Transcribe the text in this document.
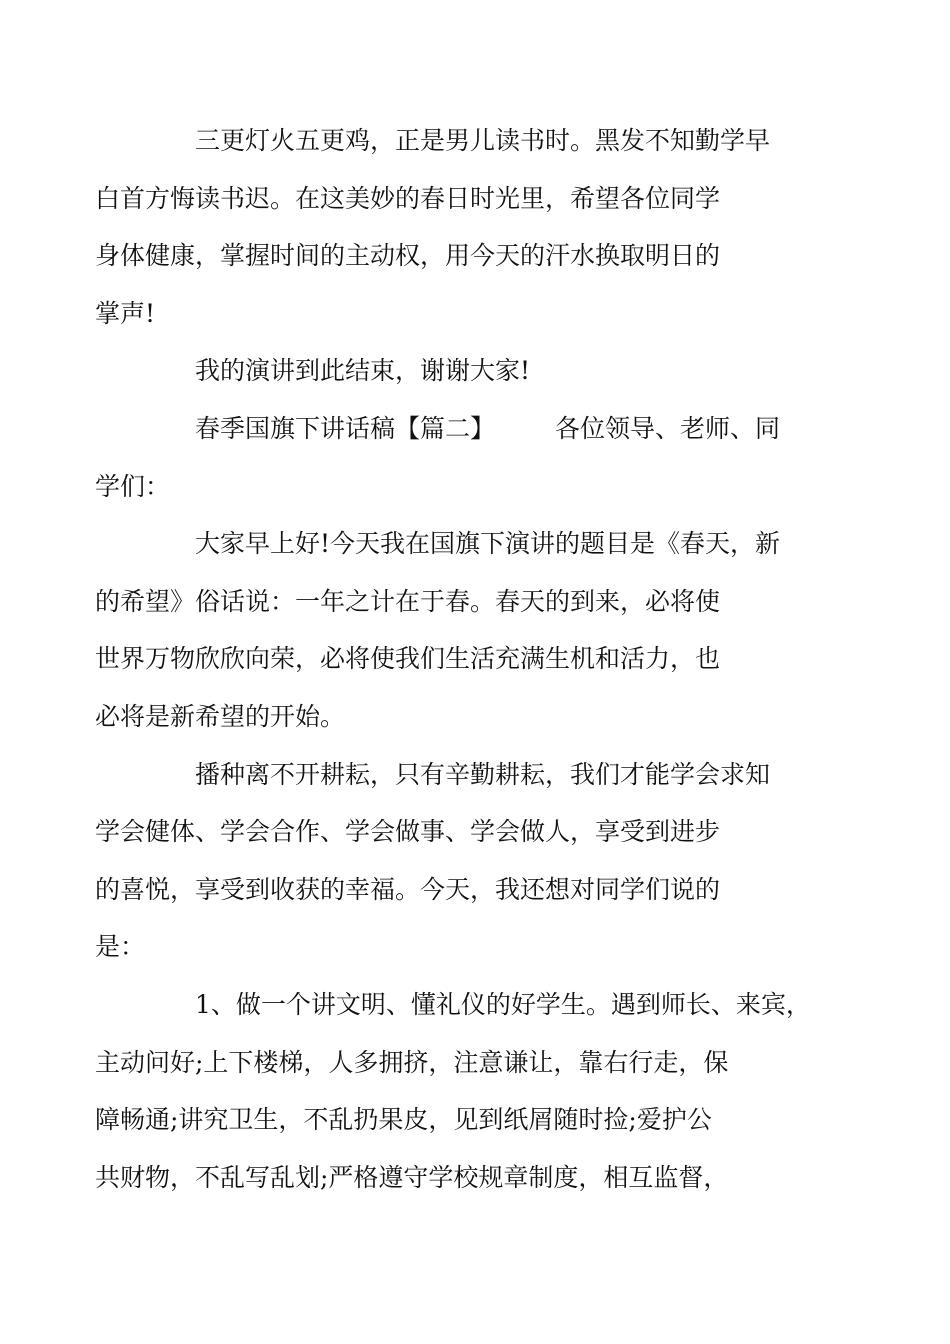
三更灯火五更鸡，正是男儿读书时。黑发不知勤学早
白首方悔读书迟。在这美妙的春日时光里，希望各位同学
身体健康，掌握时间的主动权，用今天的汗水换取明日的
掌声!

我的演讲到此结束，谢谢大家!

春季国旗下讲话稿【篇二】 各位领导、老师、同
学们：

大家早上好!今天我在国旗下演讲的题目是《春天，新
的希望》俗话说：一年之计在于春。春天的到来，必将使
世界万物欣欣向荣，必将使我们生活充满生机和活力，也
必将是新希望的开始。

播种离不开耕耘，只有辛勤耕耘，我们才能学会求知
学会健体、学会合作、学会做事、学会做人，享受到进步
的喜悦，享受到收获的幸福。今天，我还想对同学们说的
是：

1、做一个讲文明、懂礼仪的好学生。遇到师长、来宾，
主动问好;上下楼梯，人多拥挤，注意谦让，靠右行走，保
障畅通;讲究卫生，不乱扔果皮，见到纸屑随时捡;爱护公
共财物，不乱写乱划;严格遵守学校规章制度，相互监督，
